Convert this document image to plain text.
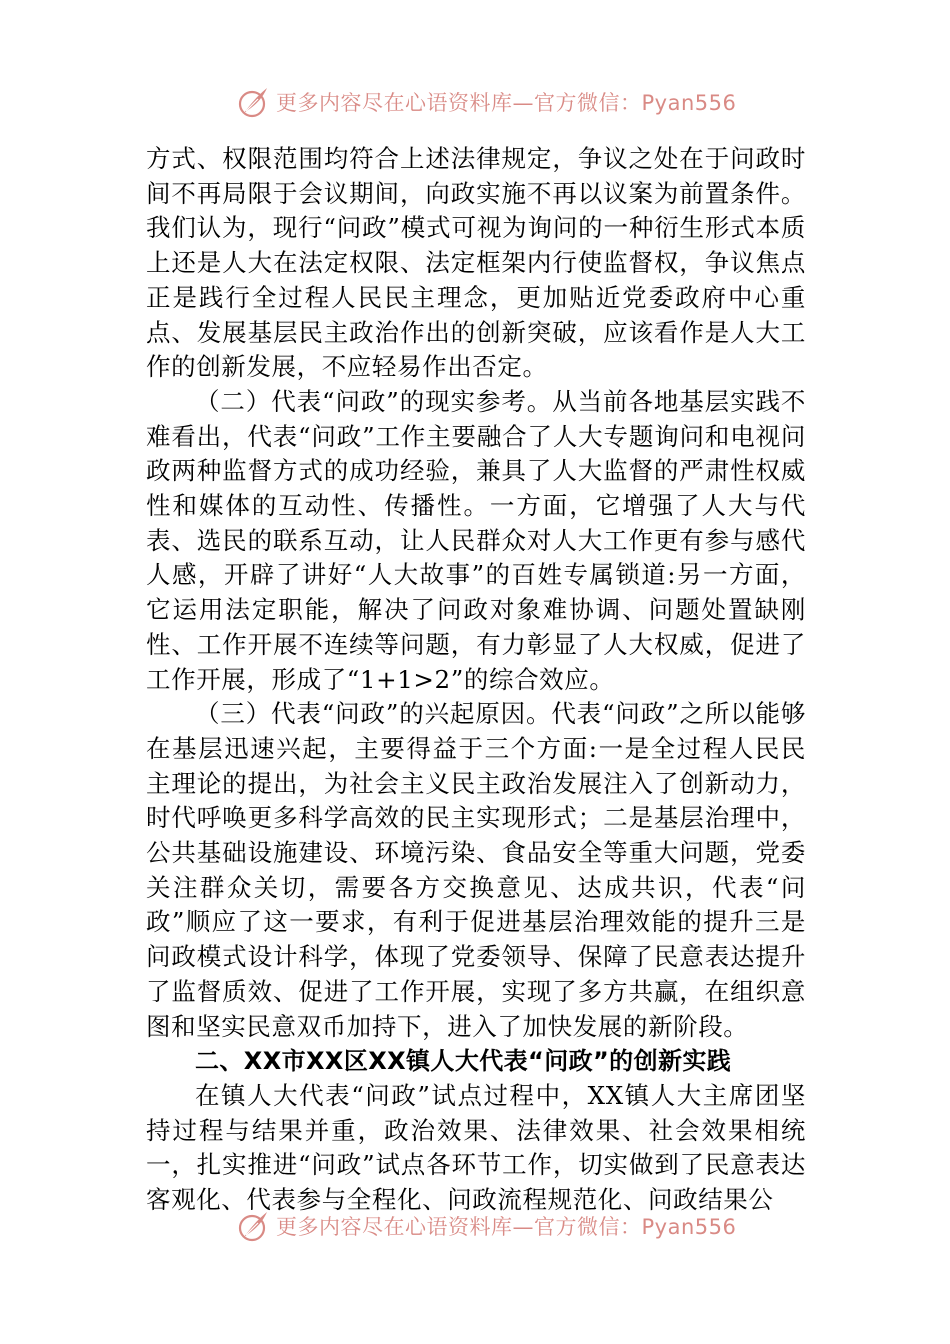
更多内容尽在心语资料库—官方微信：Pyan556

方式、权限范围均符合上述法律规定，争议之处在于问政时间不再局限于会议期间，向政实施不再以议案为前置条件。我们认为，现行“问政”模式可视为询问的一种衍生形式本质上还是人大在法定权限、法定框架内行使监督权，争议焦点正是践行全过程人民民主理念，更加贴近党委政府中心重点、发展基层民主政治作出的创新突破，应该看作是人大工作的创新发展，不应轻易作出否定。

（二）代表“问政”的现实参考。从当前各地基层实践不难看出，代表“问政”工作主要融合了人大专题询问和电视问政两种监督方式的成功经验，兼具了人大监督的严肃性权威性和媒体的互动性、传播性。一方面，它增强了人大与代表、选民的联系互动，让人民群众对人大工作更有参与感代人感，开辟了讲好“人大故事”的百姓专属锁道:另一方面，它运用法定职能，解决了问政对象难协调、问题处置缺刚性、工作开展不连续等问题，有力彰显了人大权威，促进了工作开展，形成了“1+1>2”的综合效应。

（三）代表“问政”的兴起原因。代表“问政”之所以能够在基层迅速兴起，主要得益于三个方面:一是全过程人民民主理论的提出，为社会主义民主政治发展注入了创新动力，时代呼唤更多科学高效的民主实现形式；二是基层治理中，公共基础设施建设、环境污染、食品安全等重大问题，党委关注群众关切，需要各方交换意见、达成共识，代表“问政”顺应了这一要求，有利于促进基层治理效能的提升三是问政模式设计科学，体现了党委领导、保障了民意表达提升了监督质效、促进了工作开展，实现了多方共赢，在组织意图和坚实民意双币加持下，进入了加快发展的新阶段。

二、XX市XX区XX镇人大代表“问政”的创新实践

在镇人大代表“问政”试点过程中，XX镇人大主席团坚持过程与结果并重，政治效果、法律效果、社会效果相统一，扎实推进“问政”试点各环节工作，切实做到了民意表达客观化、代表参与全程化、问政流程规范化、问政结果公

更多内容尽在心语资料库—官方微信：Pyan556
